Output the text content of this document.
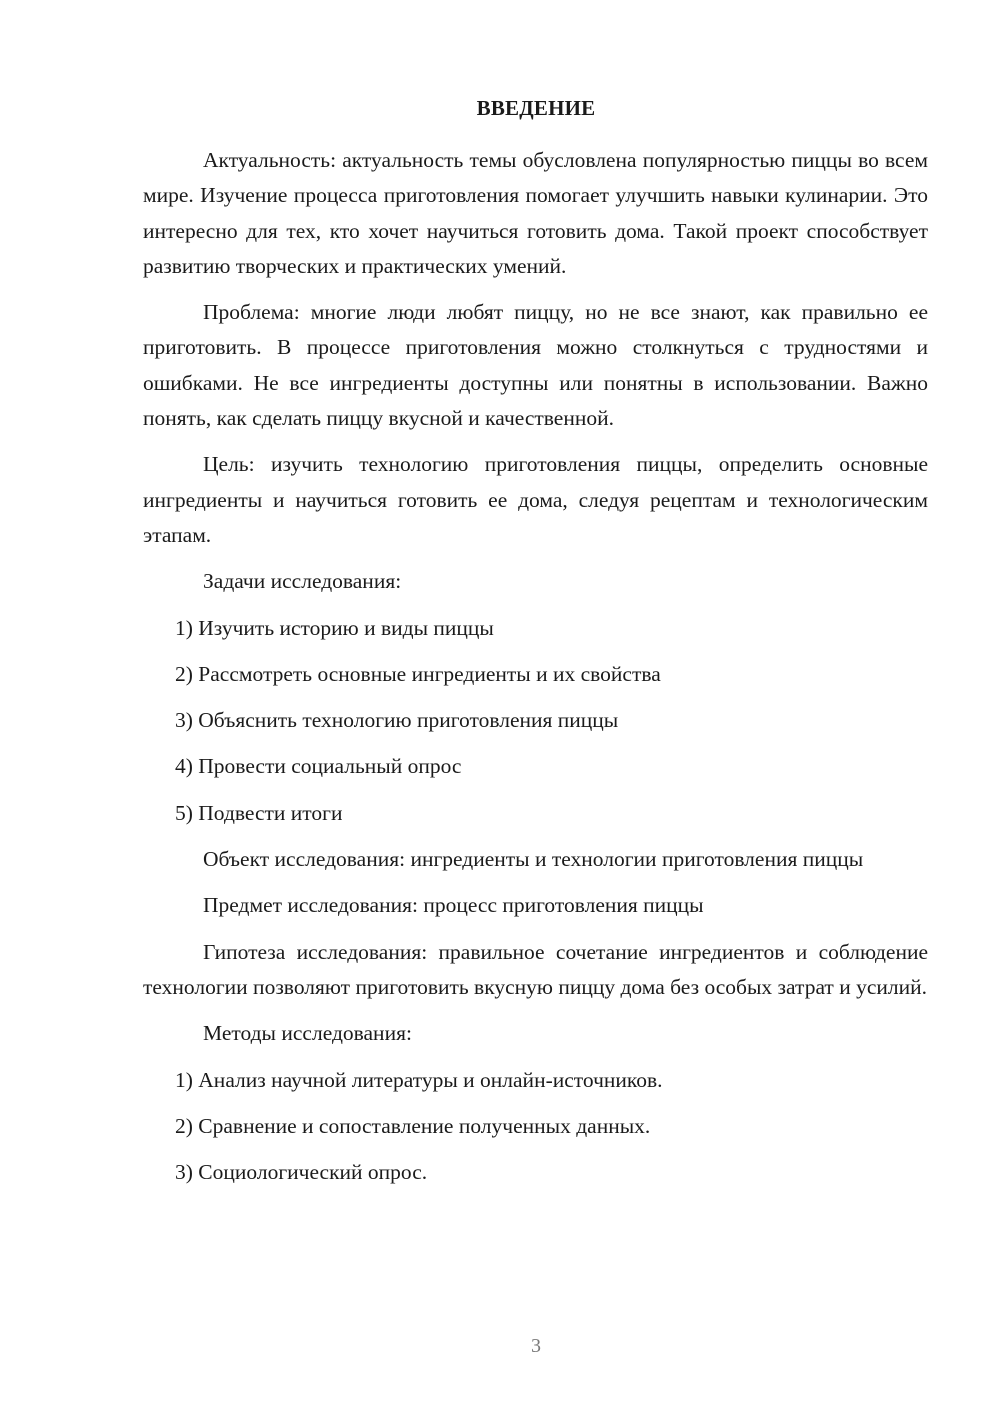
ВВЕДЕНИЕ

Актуальность: актуальность темы обусловлена популярностью пиццы во всем мире. Изучение процесса приготовления помогает улучшить навыки кулинарии. Это интересно для тех, кто хочет научиться готовить дома. Такой проект способствует развитию творческих и практических умений.

Проблема: многие люди любят пиццу, но не все знают, как правильно ее приготовить. В процессе приготовления можно столкнуться с трудностями и ошибками. Не все ингредиенты доступны или понятны в использовании. Важно понять, как сделать пиццу вкусной и качественной.

Цель: изучить технологию приготовления пиццы, определить основные ингредиенты и научиться готовить ее дома, следуя рецептам и технологическим этапам.

Задачи исследования:

1) Изучить историю и виды пиццы
2) Рассмотреть основные ингредиенты и их свойства
3) Объяснить технологию приготовления пиццы
4) Провести социальный опрос
5) Подвести итоги

Объект исследования: ингредиенты и технологии приготовления пиццы

Предмет исследования: процесс приготовления пиццы

Гипотеза исследования: правильное сочетание ингредиентов и соблюдение технологии позволяют приготовить вкусную пиццу дома без особых затрат и усилий.

Методы исследования:

1) Анализ научной литературы и онлайн-источников.
2) Сравнение и сопоставление полученных данных.
3) Социологический опрос.
3
